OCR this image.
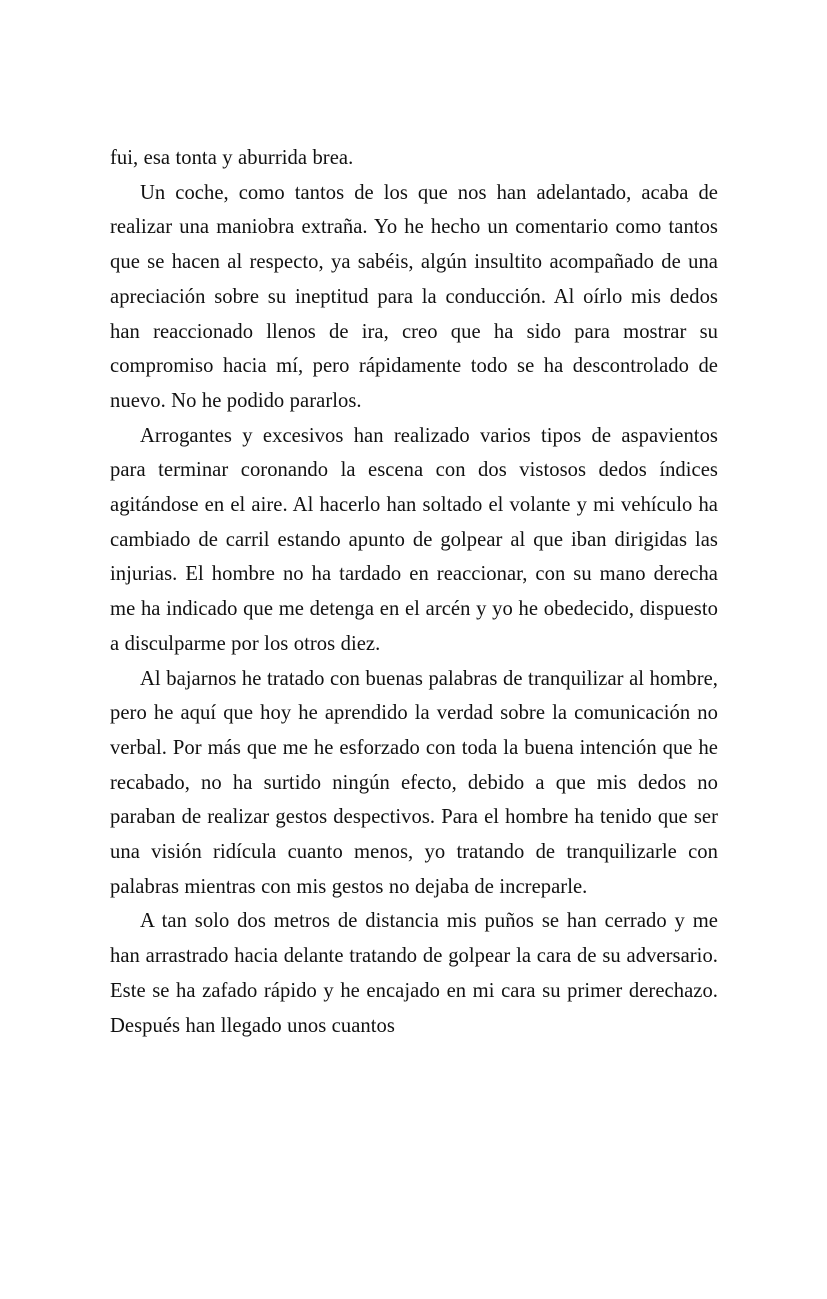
fui, esa tonta y aburrida brea.

Un coche, como tantos de los que nos han adelantado, acaba de realizar una maniobra extraña. Yo he hecho un comentario como tantos que se hacen al respecto, ya sabéis, algún insultito acompañado de una apreciación sobre su ineptitud para la conducción. Al oírlo mis dedos han reaccionado llenos de ira, creo que ha sido para mostrar su compromiso hacia mí, pero rápidamente todo se ha descontrolado de nuevo. No he podido pararlos.

Arrogantes y excesivos han realizado varios tipos de aspavientos para terminar coronando la escena con dos vistosos dedos índices agitándose en el aire. Al hacerlo han soltado el volante y mi vehículo ha cambiado de carril estando apunto de golpear al que iban dirigidas las injurias. El hombre no ha tardado en reaccionar, con su mano derecha me ha indicado que me detenga en el arcén y yo he obedecido, dispuesto a disculparme por los otros diez.

Al bajarnos he tratado con buenas palabras de tranquilizar al hombre, pero he aquí que hoy he aprendido la verdad sobre la comunicación no verbal. Por más que me he esforzado con toda la buena intención que he recabado, no ha surtido ningún efecto, debido a que mis dedos no paraban de realizar gestos despectivos. Para el hombre ha tenido que ser una visión ridícula cuanto menos, yo tratando de tranquilizarle con palabras mientras con mis gestos no dejaba de increparle.

A tan solo dos metros de distancia mis puños se han cerrado y me han arrastrado hacia delante tratando de golpear la cara de su adversario. Este se ha zafado rápido y he encajado en mi cara su primer derechazo. Después han llegado unos cuantos
